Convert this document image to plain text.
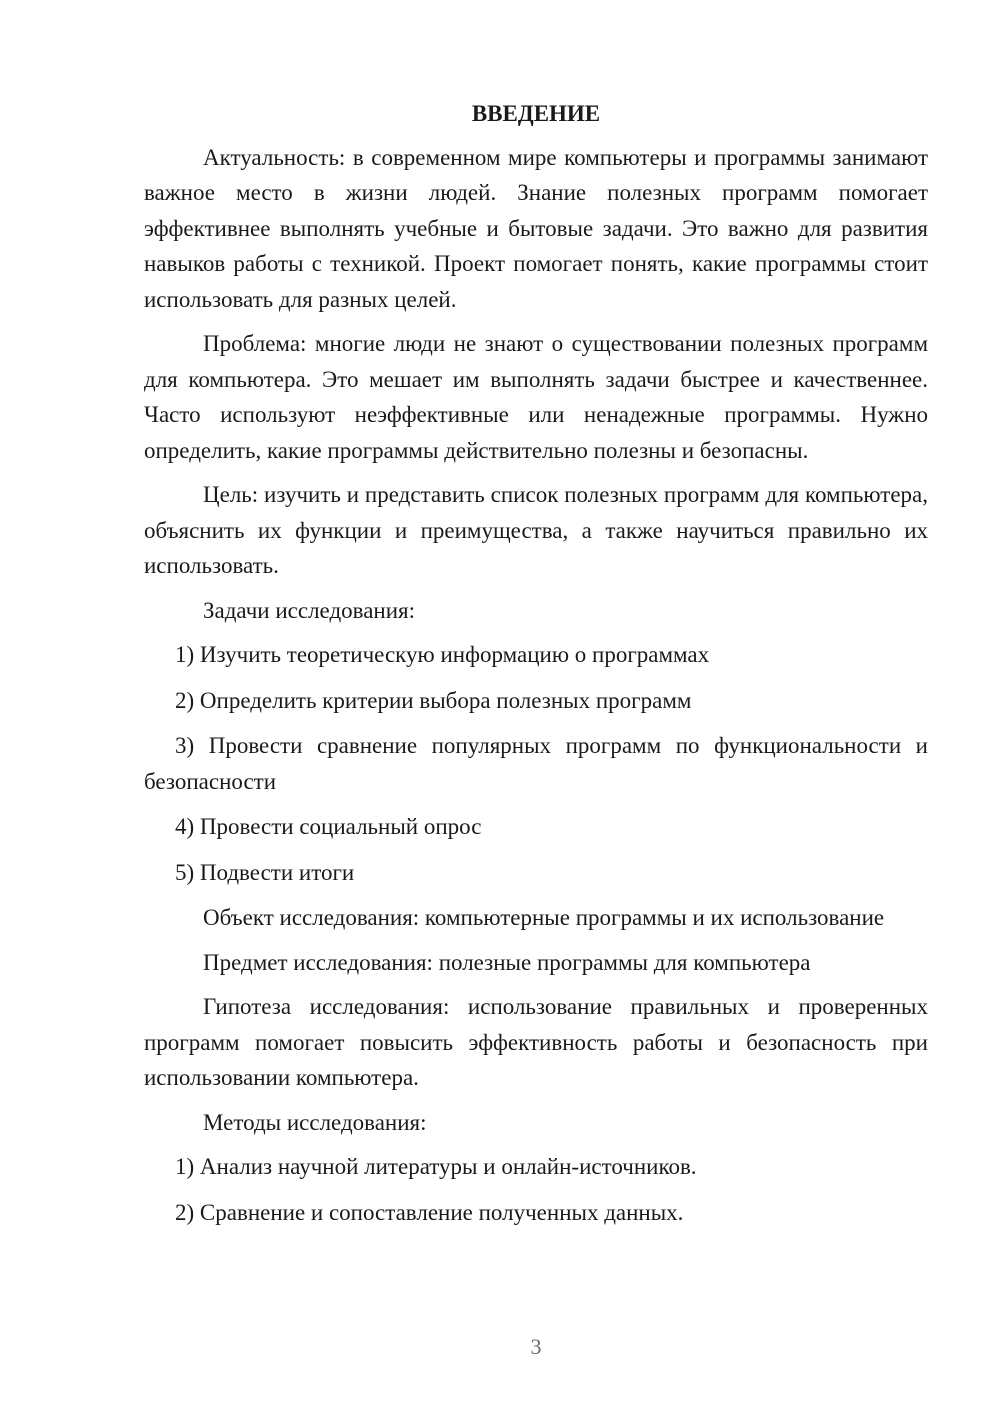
ВВЕДЕНИЕ

Актуальность: в современном мире компьютеры и программы занимают важное место в жизни людей. Знание полезных программ помогает эффективнее выполнять учебные и бытовые задачи. Это важно для развития навыков работы с техникой. Проект помогает понять, какие программы стоит использовать для разных целей.

Проблема: многие люди не знают о существовании полезных программ для компьютера. Это мешает им выполнять задачи быстрее и качественнее. Часто используют неэффективные или ненадежные программы. Нужно определить, какие программы действительно полезны и безопасны.

Цель: изучить и представить список полезных программ для компьютера, объяснить их функции и преимущества, а также научиться правильно их использовать.

Задачи исследования:

1) Изучить теоретическую информацию о программах

2) Определить критерии выбора полезных программ

3) Провести сравнение популярных программ по функциональности и безопасности

4) Провести социальный опрос

5) Подвести итоги

Объект исследования: компьютерные программы и их использование

Предмет исследования: полезные программы для компьютера

Гипотеза исследования: использование правильных и проверенных программ помогает повысить эффективность работы и безопасность при использовании компьютера.

Методы исследования:

1) Анализ научной литературы и онлайн-источников.

2) Сравнение и сопоставление полученных данных.

3
